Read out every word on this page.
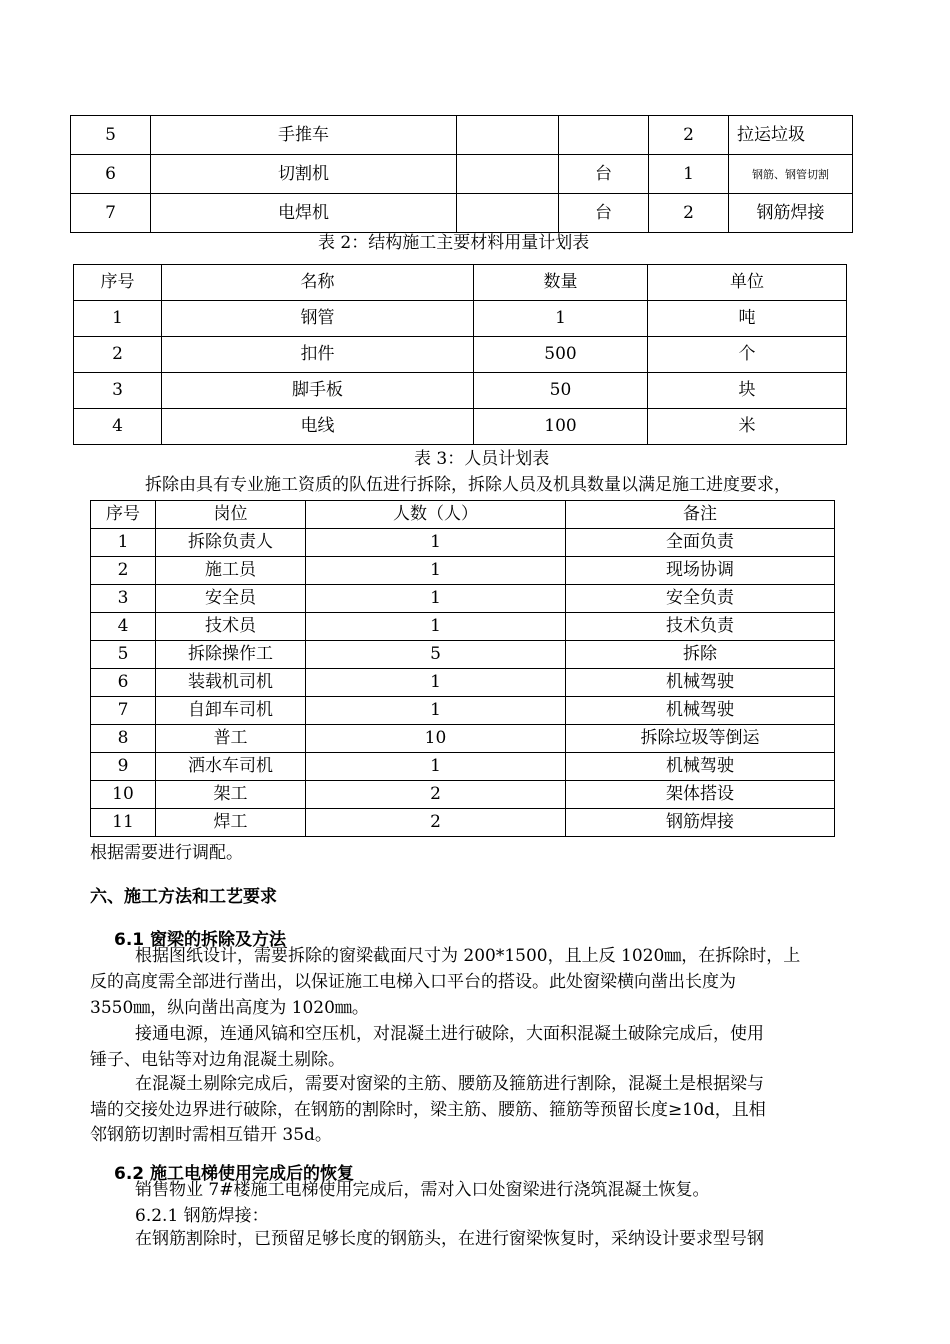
5	手推车			2	拉运垃圾
6	切割机		台	1	钢筋、钢管切割
7	电焊机		台	2	钢筋焊接
表 2：结构施工主要材料用量计划表
序号	名称	数量	单位
1	钢管	1	吨
2	扣件	500	个
3	脚手板	50	块
4	电线	100	米
表 3：人员计划表
拆除由具有专业施工资质的队伍进行拆除，拆除人员及机具数量以满足施工进度要求，
序号	岗位	人数（人）	备注
1	拆除负责人	1	全面负责
2	施工员	1	现场协调
3	安全员	1	安全负责
4	技术员	1	技术负责
5	拆除操作工	5	拆除
6	装载机司机	1	机械驾驶
7	自卸车司机	1	机械驾驶
8	普工	10	拆除垃圾等倒运
9	洒水车司机	1	机械驾驶
10	架工	2	架体搭设
11	焊工	2	钢筋焊接
根据需要进行调配。
六、施工方法和工艺要求
6.1 窗梁的拆除及方法
根据图纸设计，需要拆除的窗梁截面尺寸为 200*1500，且上反 1020㎜，在拆除时，上
反的高度需全部进行凿出，以保证施工电梯入口平台的搭设。此处窗梁横向凿出长度为
3550㎜，纵向凿出高度为 1020㎜。
接通电源，连通风镐和空压机，对混凝土进行破除，大面积混凝土破除完成后，使用
锤子、电钻等对边角混凝土剔除。
在混凝土剔除完成后，需要对窗梁的主筋、腰筋及箍筋进行割除，混凝土是根据梁与
墙的交接处边界进行破除，在钢筋的割除时，梁主筋、腰筋、箍筋等预留长度≥10d，且相
邻钢筋切割时需相互错开 35d。
6.2 施工电梯使用完成后的恢复
销售物业 7#楼施工电梯使用完成后，需对入口处窗梁进行浇筑混凝土恢复。
6.2.1 钢筋焊接：
在钢筋割除时，已预留足够长度的钢筋头，在进行窗梁恢复时，采纳设计要求型号钢
